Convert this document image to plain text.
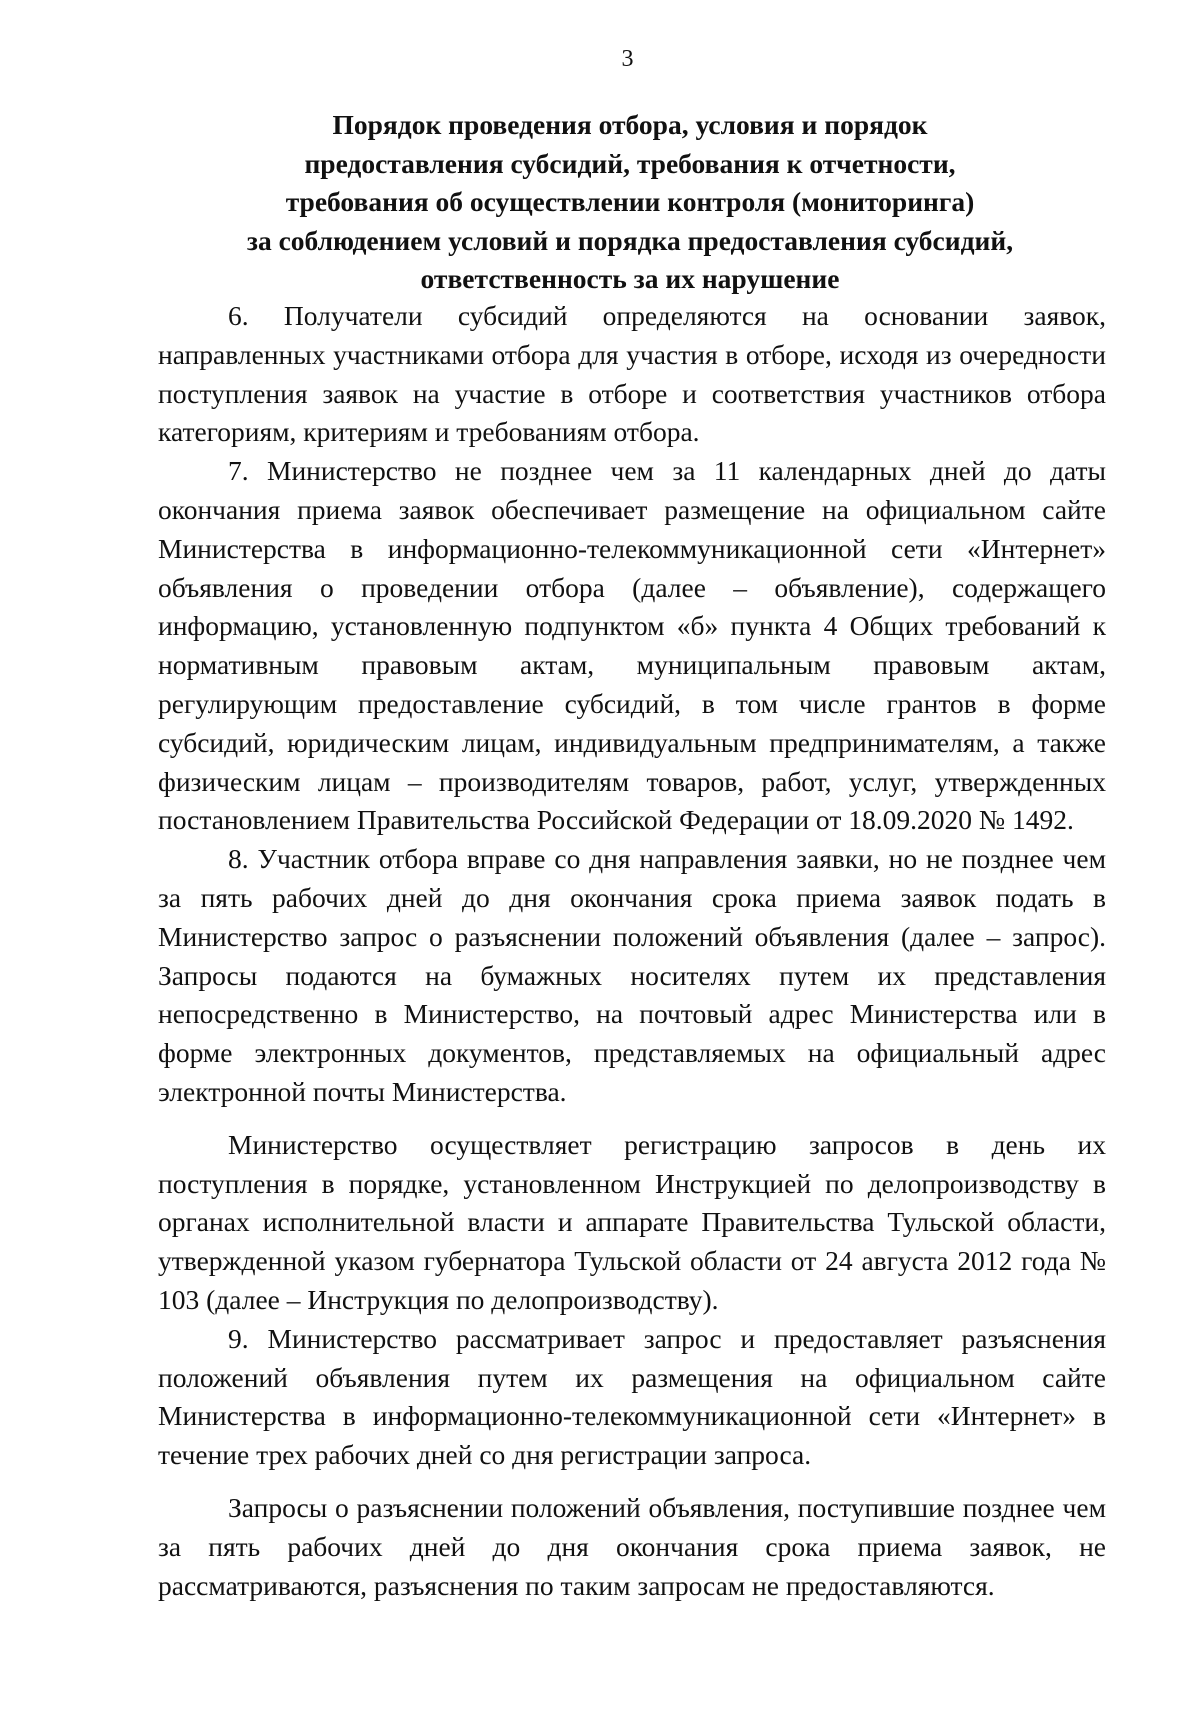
3
Порядок проведения отбора, условия и порядок
предоставления субсидий, требования к отчетности,
требования об осуществлении контроля (мониторинга)
за соблюдением условий и порядка предоставления субсидий,
ответственность за их нарушение

6. Получатели субсидий определяются на основании заявок, направленных участниками отбора для участия в отборе, исходя из очередности поступления заявок на участие в отборе и соответствия участников отбора категориям, критериям и требованиям отбора.

7. Министерство не позднее чем за 11 календарных дней до даты окончания приема заявок обеспечивает размещение на официальном сайте Министерства в информационно-телекоммуникационной сети «Интернет» объявления о проведении отбора (далее – объявление), содержащего информацию, установленную подпунктом «б» пункта 4 Общих требований к нормативным правовым актам, муниципальным правовым актам, регулирующим предоставление субсидий, в том числе грантов в форме субсидий, юридическим лицам, индивидуальным предпринимателям, а также физическим лицам – производителям товаров, работ, услуг, утвержденных постановлением Правительства Российской Федерации от 18.09.2020 № 1492.

8. Участник отбора вправе со дня направления заявки, но не позднее чем за пять рабочих дней до дня окончания срока приема заявок подать в Министерство запрос о разъяснении положений объявления (далее – запрос). Запросы подаются на бумажных носителях путем их представления непосредственно в Министерство, на почтовый адрес Министерства или в форме электронных документов, представляемых на официальный адрес электронной почты Министерства.

Министерство осуществляет регистрацию запросов в день их поступления в порядке, установленном Инструкцией по делопроизводству в органах исполнительной власти и аппарате Правительства Тульской области, утвержденной указом губернатора Тульской области от 24 августа 2012 года № 103 (далее – Инструкция по делопроизводству).

9. Министерство рассматривает запрос и предоставляет разъяснения положений объявления путем их размещения на официальном сайте Министерства в информационно-телекоммуникационной сети «Интернет» в течение трех рабочих дней со дня регистрации запроса.

Запросы о разъяснении положений объявления, поступившие позднее чем за пять рабочих дней до дня окончания срока приема заявок, не рассматриваются, разъяснения по таким запросам не предоставляются.
